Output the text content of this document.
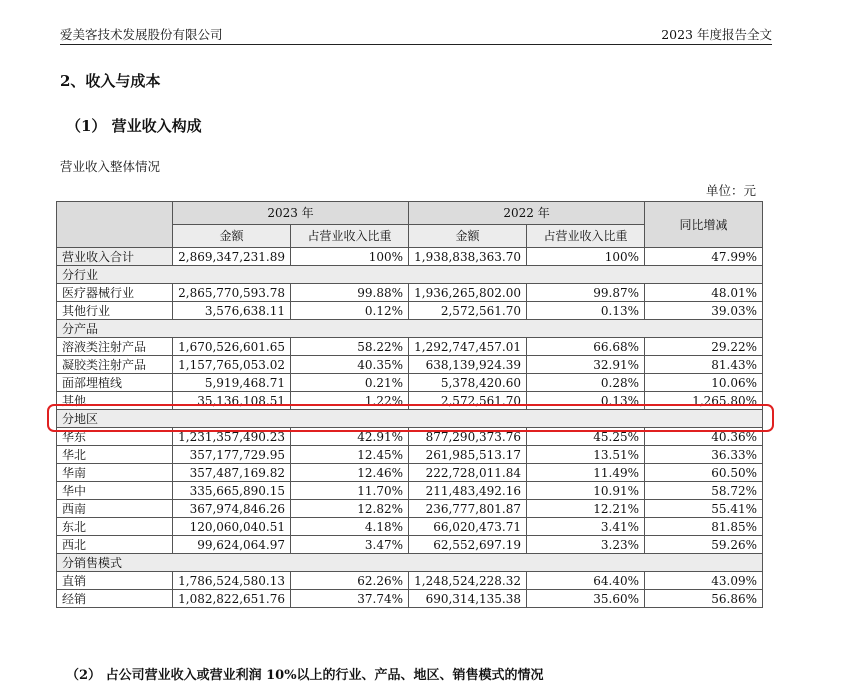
爱美客技术发展股份有限公司	2023 年度报告全文
2、收入与成本
（1） 营业收入构成
营业收入整体情况
单位：元
	2023 年		2022 年		同比增减
	金额	占营业收入比重	金额	占营业收入比重	
营业收入合计	2,869,347,231.89	100%	1,938,838,363.70	100%	47.99%
分行业					
医疗器械行业	2,865,770,593.78	99.88%	1,936,265,802.00	99.87%	48.01%
其他行业	3,576,638.11	0.12%	2,572,561.70	0.13%	39.03%
分产品					
溶液类注射产品	1,670,526,601.65	58.22%	1,292,747,457.01	66.68%	29.22%
凝胶类注射产品	1,157,765,053.02	40.35%	638,139,924.39	32.91%	81.43%
面部埋植线	5,919,468.71	0.21%	5,378,420.60	0.28%	10.06%
其他	35,136,108.51	1.22%	2,572,561.70	0.13%	1,265.80%
分地区					
华东	1,231,357,490.23	42.91%	877,290,373.76	45.25%	40.36%
华北	357,177,729.95	12.45%	261,985,513.17	13.51%	36.33%
华南	357,487,169.82	12.46%	222,728,011.84	11.49%	60.50%
华中	335,665,890.15	11.70%	211,483,492.16	10.91%	58.72%
西南	367,974,846.26	12.82%	236,777,801.87	12.21%	55.41%
东北	120,060,040.51	4.18%	66,020,473.71	3.41%	81.85%
西北	99,624,064.97	3.47%	62,552,697.19	3.23%	59.26%
分销售模式					
直销	1,786,524,580.13	62.26%	1,248,524,228.32	64.40%	43.09%
经销	1,082,822,651.76	37.74%	690,314,135.38	35.60%	56.86%
（2） 占公司营业收入或营业利润 10%以上的行业、产品、地区、销售模式的情况
